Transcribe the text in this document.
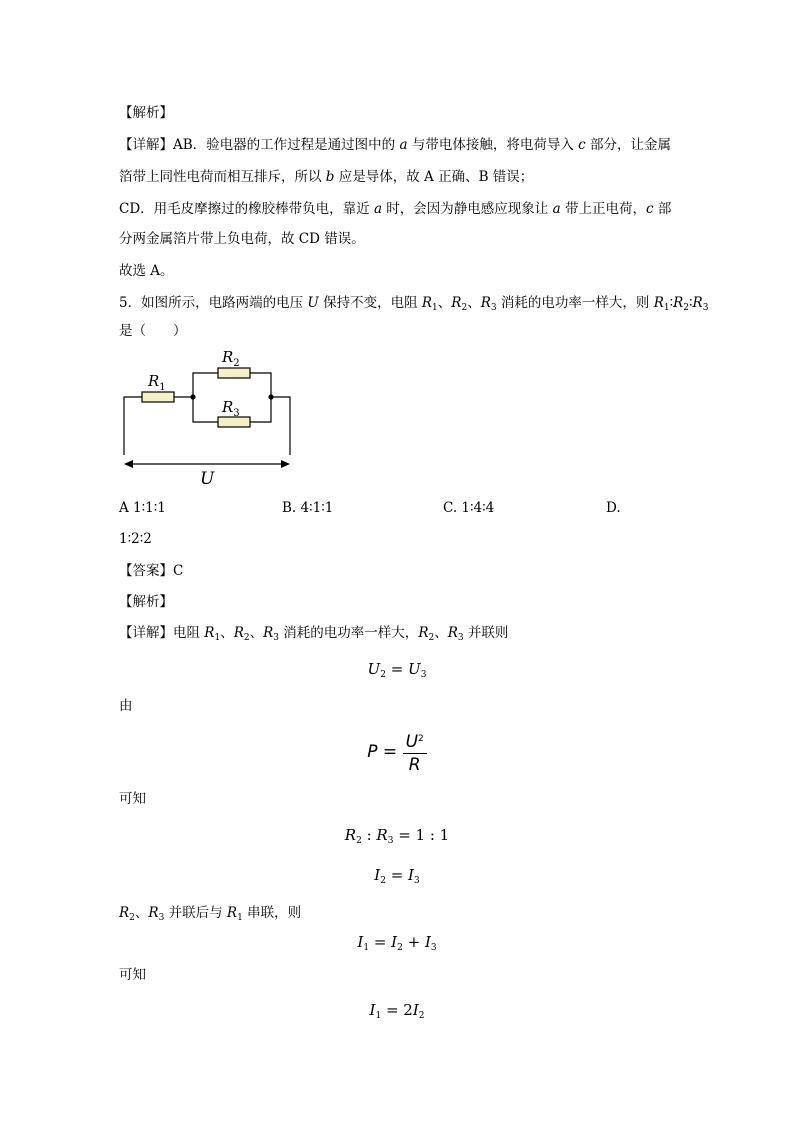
【解析】
【详解】AB．验电器的工作过程是通过图中的 a 与带电体接触，将电荷导入 c 部分，让金属
箔带上同性电荷而相互排斥，所以 b 应是导体，故 A 正确、B 错误；
CD．用毛皮摩擦过的橡胶棒带负电，靠近 a 时，会因为静电感应现象让 a 带上正电荷，c 部
分两金属箔片带上负电荷，故 CD 错误。
故选 A。
5．如图所示，电路两端的电压 U 保持不变，电阻 $R_1$、$R_2$、$R_3$ 消耗的电功率一样大，则 $R_1∶R_2∶R_3$
是（　　）
$R_1$
$R_2$
$R_3$
U
A 1∶1∶1	B. 4∶1∶1	C. 1∶4∶4	D.
1∶2∶2
【答案】C
【解析】
【详解】电阻 $R_1$、$R_2$、$R_3$ 消耗的电功率一样大，$R_2$、$R_3$ 并联则
$U_2 = U_3$
由
$P = \frac{U^2}{R}$
可知
$R_2$ : $R_3 = 1$ : 1
$I_2 = I_3$
$R_2$、$R_3$ 并联后与 $R_1$ 串联，则
$I_1 = I_2 + I_3$
可知
$I_1 = 2I_2$
